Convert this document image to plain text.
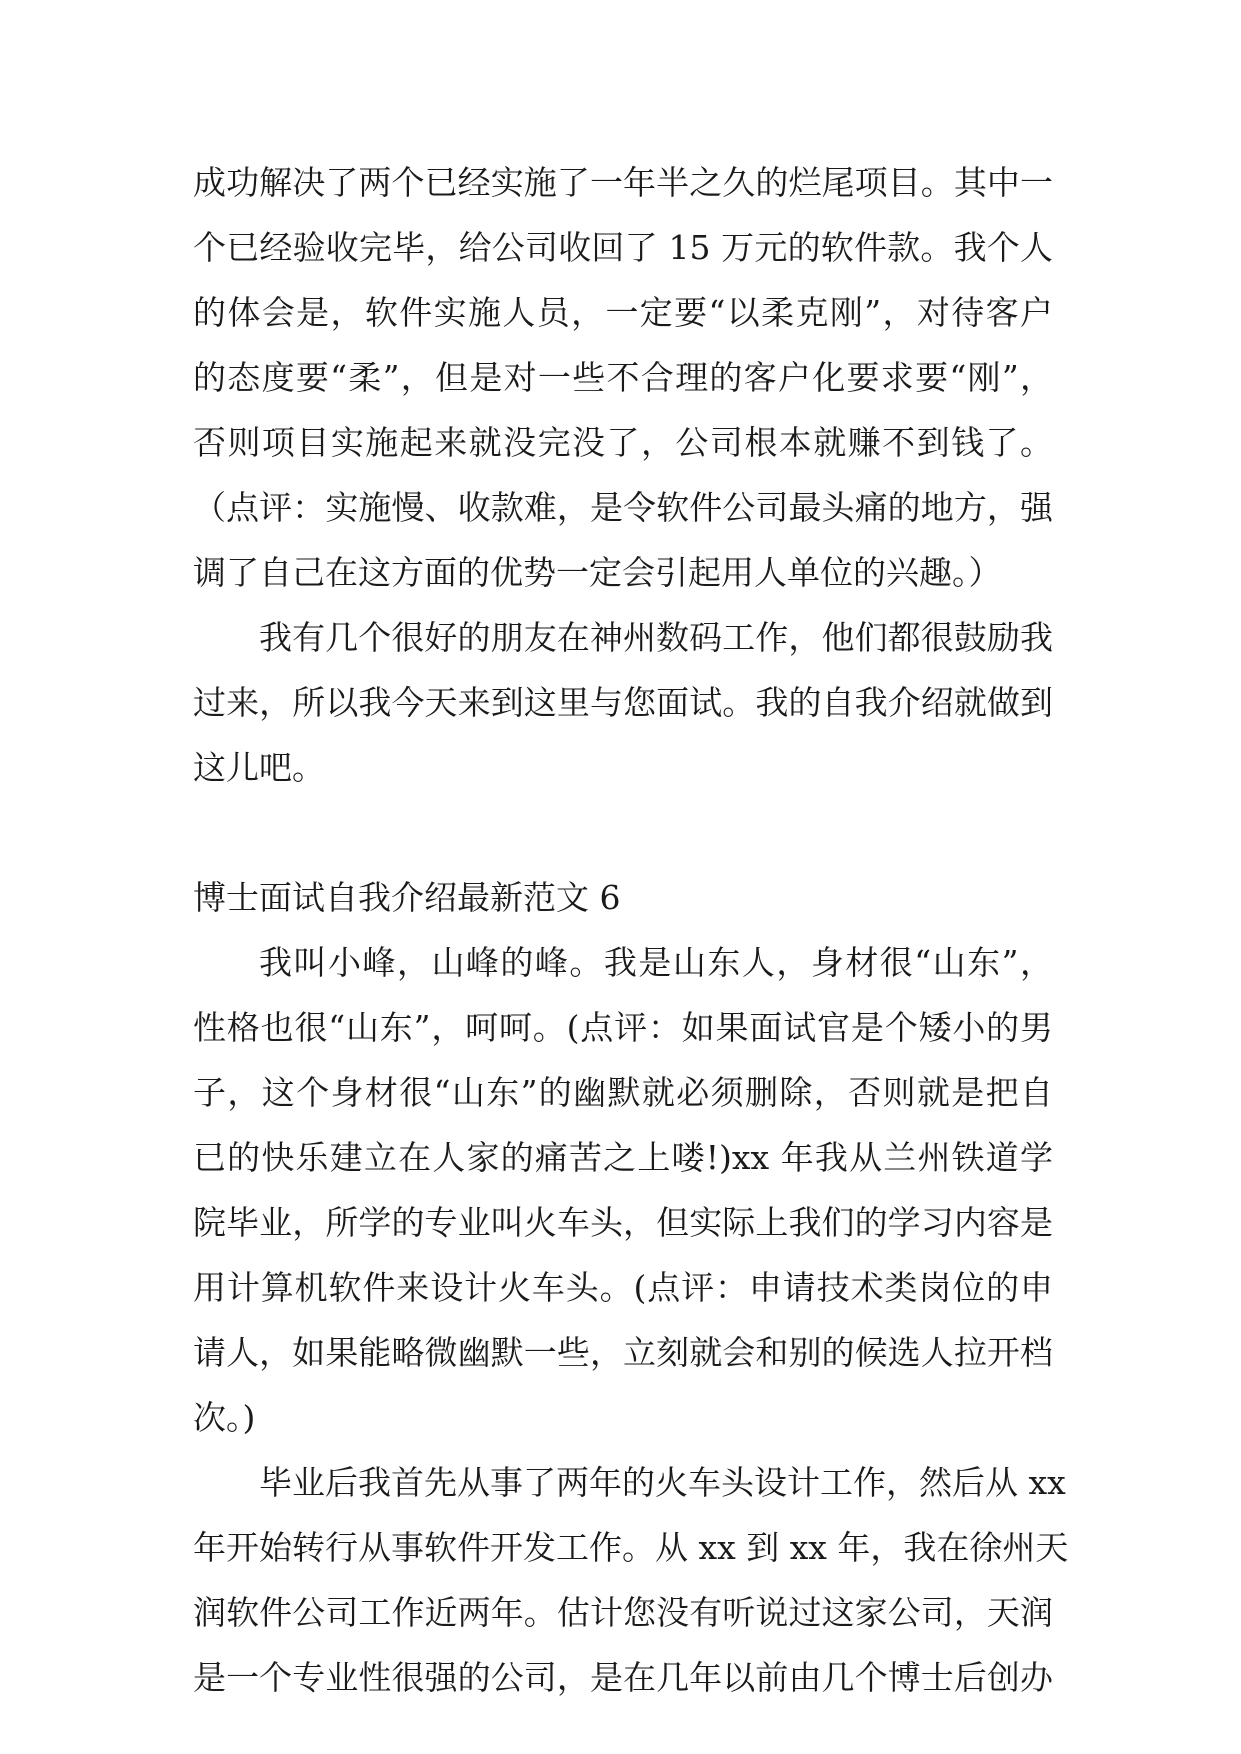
成功解决了两个已经实施了一年半之久的烂尾项目。其中一
个已经验收完毕，给公司收回了 15 万元的软件款。我个人
的体会是，软件实施人员，一定要“以柔克刚”，对待客户
的态度要“柔”，但是对一些不合理的客户化要求要“刚”，
否则项目实施起来就没完没了，公司根本就赚不到钱了。
（点评：实施慢、收款难，是令软件公司最头痛的地方，强
调了自己在这方面的优势一定会引起用人单位的兴趣。）
我有几个很好的朋友在神州数码工作，他们都很鼓励我
过来，所以我今天来到这里与您面试。我的自我介绍就做到
这儿吧。
博士面试自我介绍最新范文 6
我叫小峰，山峰的峰。我是山东人，身材很“山东”，
性格也很“山东”，呵呵。(点评：如果面试官是个矮小的男
子，这个身材很“山东”的幽默就必须删除，否则就是把自
已的快乐建立在人家的痛苦之上喽!)xx 年我从兰州铁道学
院毕业，所学的专业叫火车头，但实际上我们的学习内容是
用计算机软件来设计火车头。(点评：申请技术类岗位的申
请人，如果能略微幽默一些，立刻就会和别的候选人拉开档
次。)
毕业后我首先从事了两年的火车头设计工作，然后从 xx
年开始转行从事软件开发工作。从 xx 到 xx 年，我在徐州天
润软件公司工作近两年。估计您没有听说过这家公司，天润
是一个专业性很强的公司，是在几年以前由几个博士后创办
